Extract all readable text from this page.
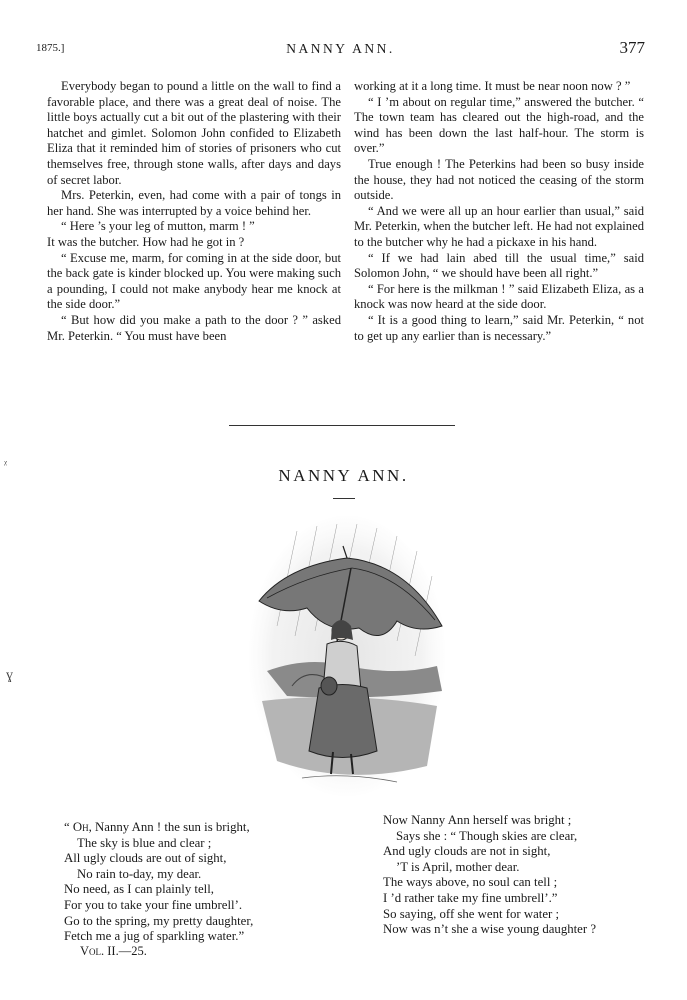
1875.]	NANNY ANN.	377

Everybody began to pound a little on the wall to find a favorable place, and there was a great deal of noise. The little boys actually cut a bit out of the plastering with their hatchet and gimlet. Solomon John confided to Elizabeth Eliza that it reminded him of stories of prisoners who cut themselves free, through stone walls, after days and days of secret labor.

Mrs. Peterkin, even, had come with a pair of tongs in her hand. She was interrupted by a voice behind her.

“ Here ’s your leg of mutton, marm ! ”

It was the butcher. How had he got in ?

“ Excuse me, marm, for coming in at the side door, but the back gate is kinder blocked up. You were making such a pounding, I could not make anybody hear me knock at the side door.”

“ But how did you make a path to the door ? ” asked Mr. Peterkin. “ You must have been

working at it a long time. It must be near noon now ? ”

“ I ’m about on regular time,” answered the butcher. “ The town team has cleared out the high-road, and the wind has been down the last half-hour. The storm is over.”

True enough ! The Peterkins had been so busy inside the house, they had not noticed the ceasing of the storm outside.

“ And we were all up an hour earlier than usual,” said Mr. Peterkin, when the butcher left. He had not explained to the butcher why he had a pickaxe in his hand.

“ If we had lain abed till the usual time,” said Solomon John, “ we should have been all right.”

“ For here is the milkman ! ” said Elizabeth Eliza, as a knock was now heard at the side door.

“ It is a good thing to learn,” said Mr. Peterkin, “ not to get up any earlier than is necessary.”

NANNY ANN.
ᵡ
ɣ
“ Oh, Nanny Ann ! the sun is bright,
The sky is blue and clear ;
All ugly clouds are out of sight,
No rain to-day, my dear.
No need, as I can plainly tell,
For you to take your fine umbrell’.
Go to the spring, my pretty daughter,
Fetch me a jug of sparkling water.”
Now Nanny Ann herself was bright ;
Says she : “ Though skies are clear,
And ugly clouds are not in sight,
’T is April, mother dear.
The ways above, no soul can tell ;
I ’d rather take my fine umbrell’.”
So saying, off she went for water ;
Now was n’t she a wise young daughter ?
Vol. II.—25.
